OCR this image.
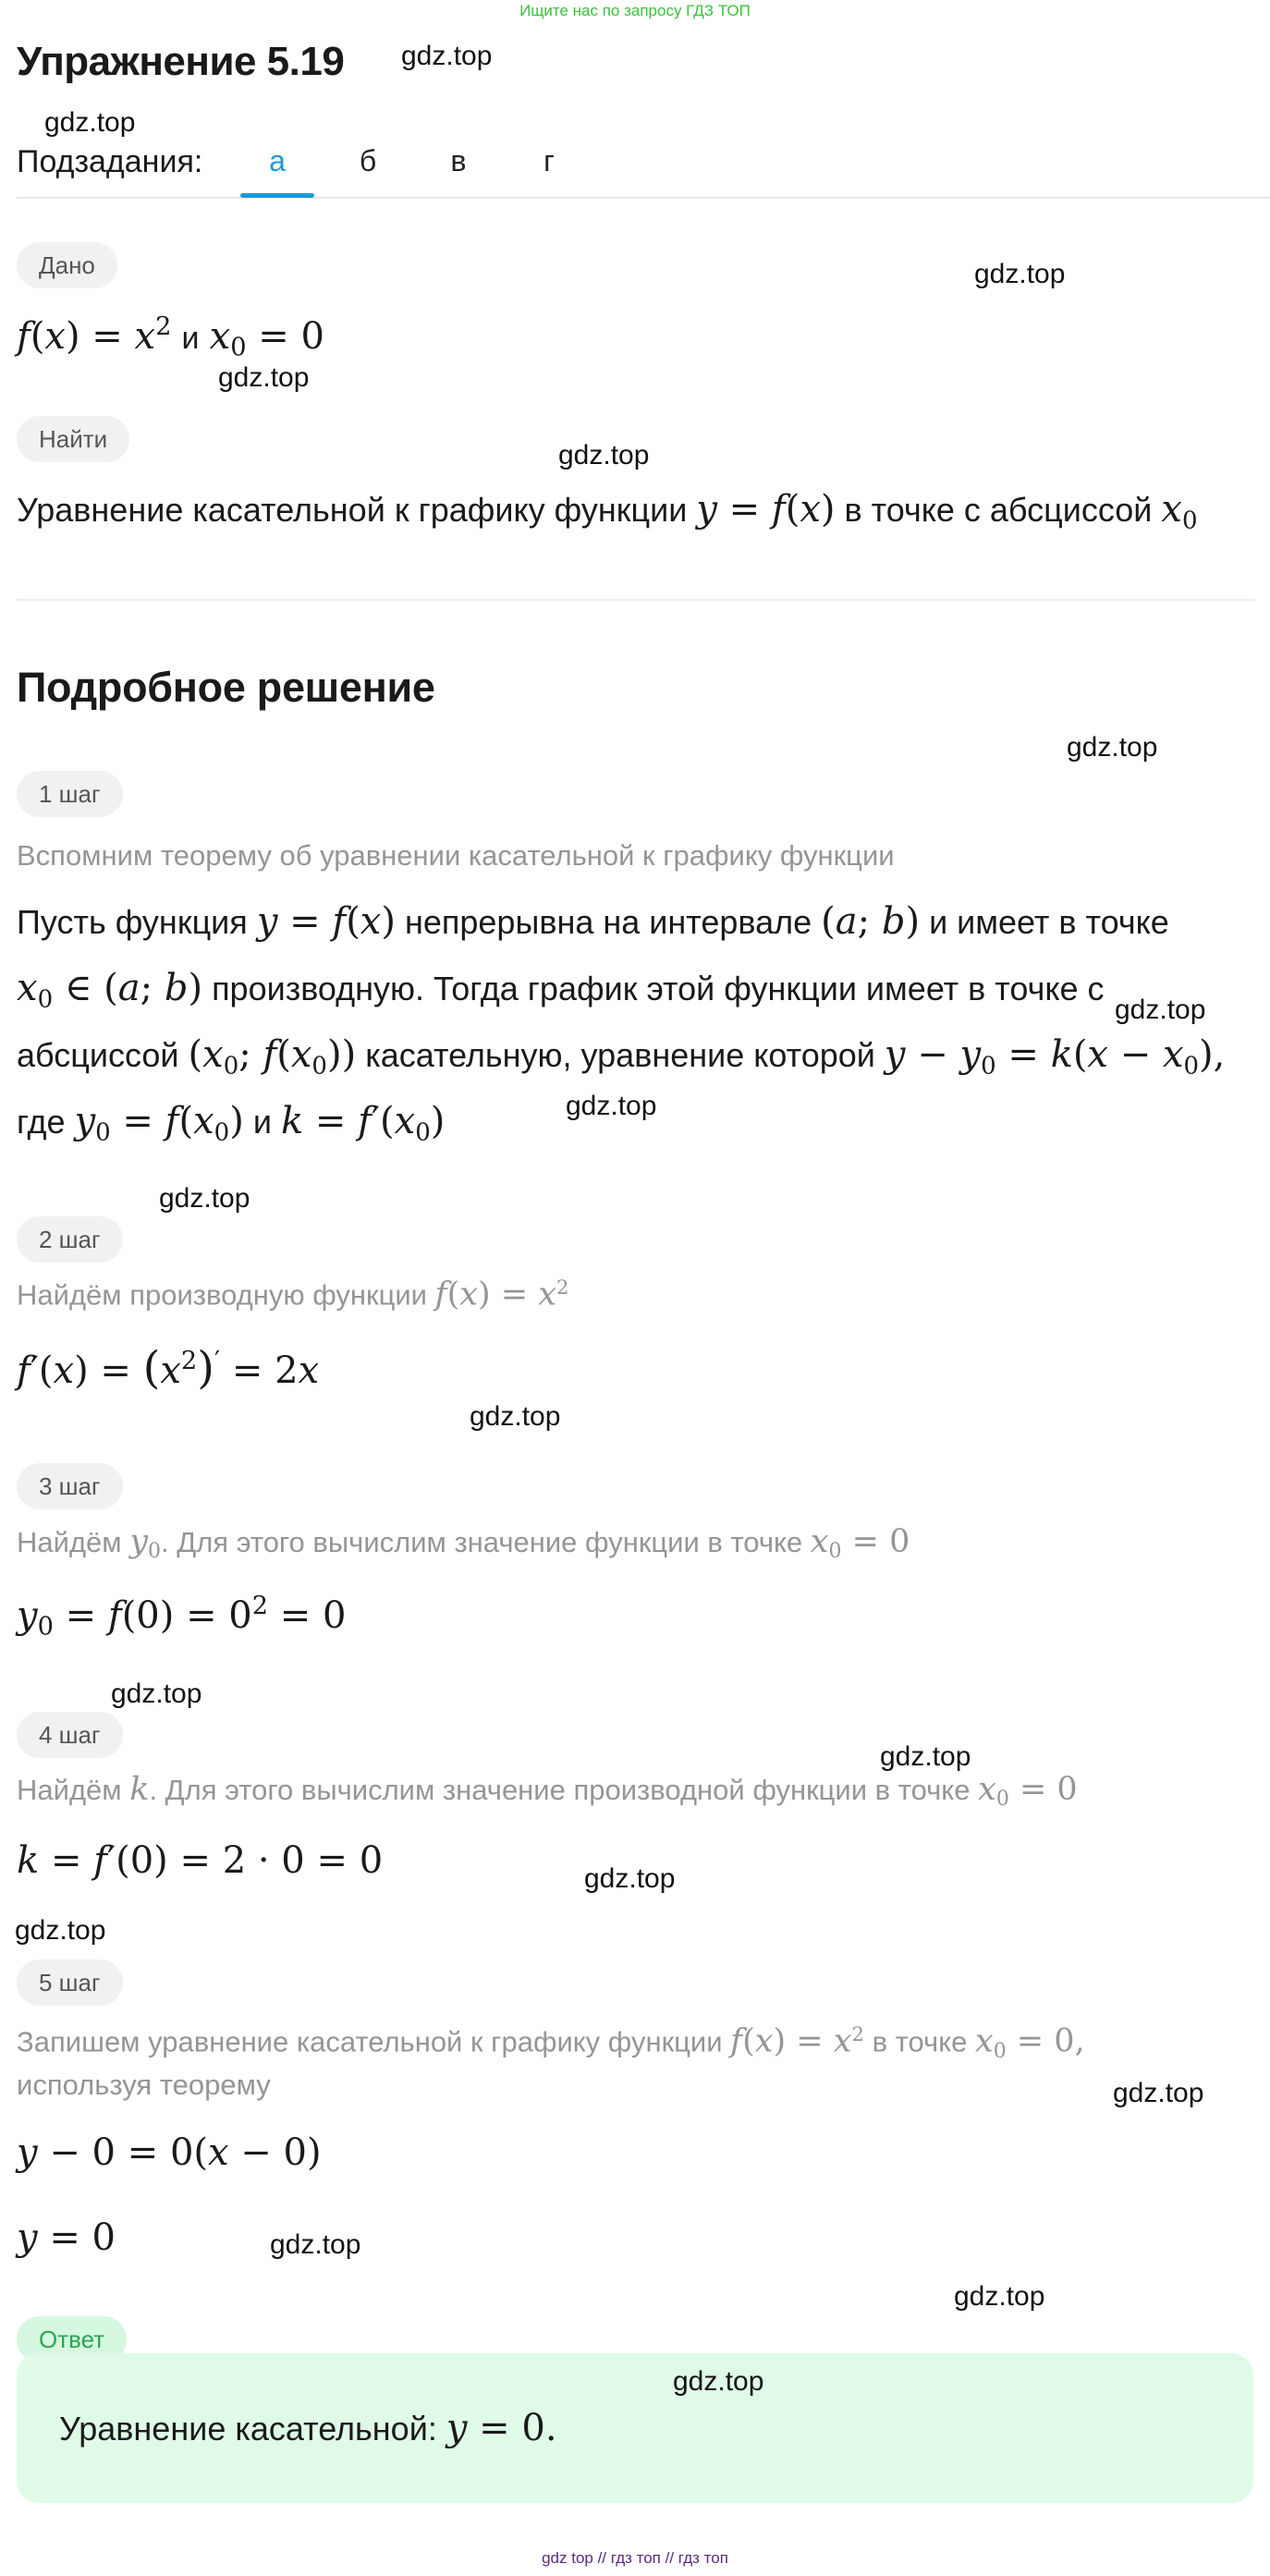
Ищите нас по запросу ГДЗ ТОП
Упражнение 5.19
Подзадания:	а	б	в	г
Дано
$f(x) = x^2$ и $x_0 = 0$
Найти
Уравнение касательной к графику функции y = f(x) в точке с абсциссой $x_0$
Подробное решение
1 шаг
Вспомним теорему об уравнении касательной к графику функции
Пусть функция y = f(x) непрерывна на интервале (a; b) и имеет в точке
$x_0$ ∈ (a; b) производную. Тогда график этой функции имеет в точке с
абсциссой ($x_0$; $f(x_0)$) касательную, уравнение которой $y - y_0 = k(x - x_0)$,
где $y_0 = f(x_0)$ и $k = f'(x_0)$
2 шаг
Найдём производную функции $f(x) = x^2$
$f'(x) = (x^2)' = 2x$
3 шаг
Найдём $y_0$. Для этого вычислим значение функции в точке $x_0 = 0$
$y_0 = f(0) = 0^2 = 0$
4 шаг
Найдём k. Для этого вычислим значение производной функции в точке $x_0 = 0$
k = f′(0) = 2 · 0 = 0
5 шаг
Запишем уравнение касательной к графику функции $f(x) = x^2$ в точке $x_0 = 0$,
используя теорему
y − 0 = 0(x − 0)
y = 0
Ответ
Уравнение касательной: y = 0.
gdz.top
gdz.top
gdz.top
gdz.top
gdz.top
gdz.top
gdz.top
gdz.top
gdz.top
gdz.top
gdz.top
gdz.top
gdz.top
gdz.top
gdz.top
gdz.top
gdz.top
gdz.top
gdz top // гдз топ // гдз топ
